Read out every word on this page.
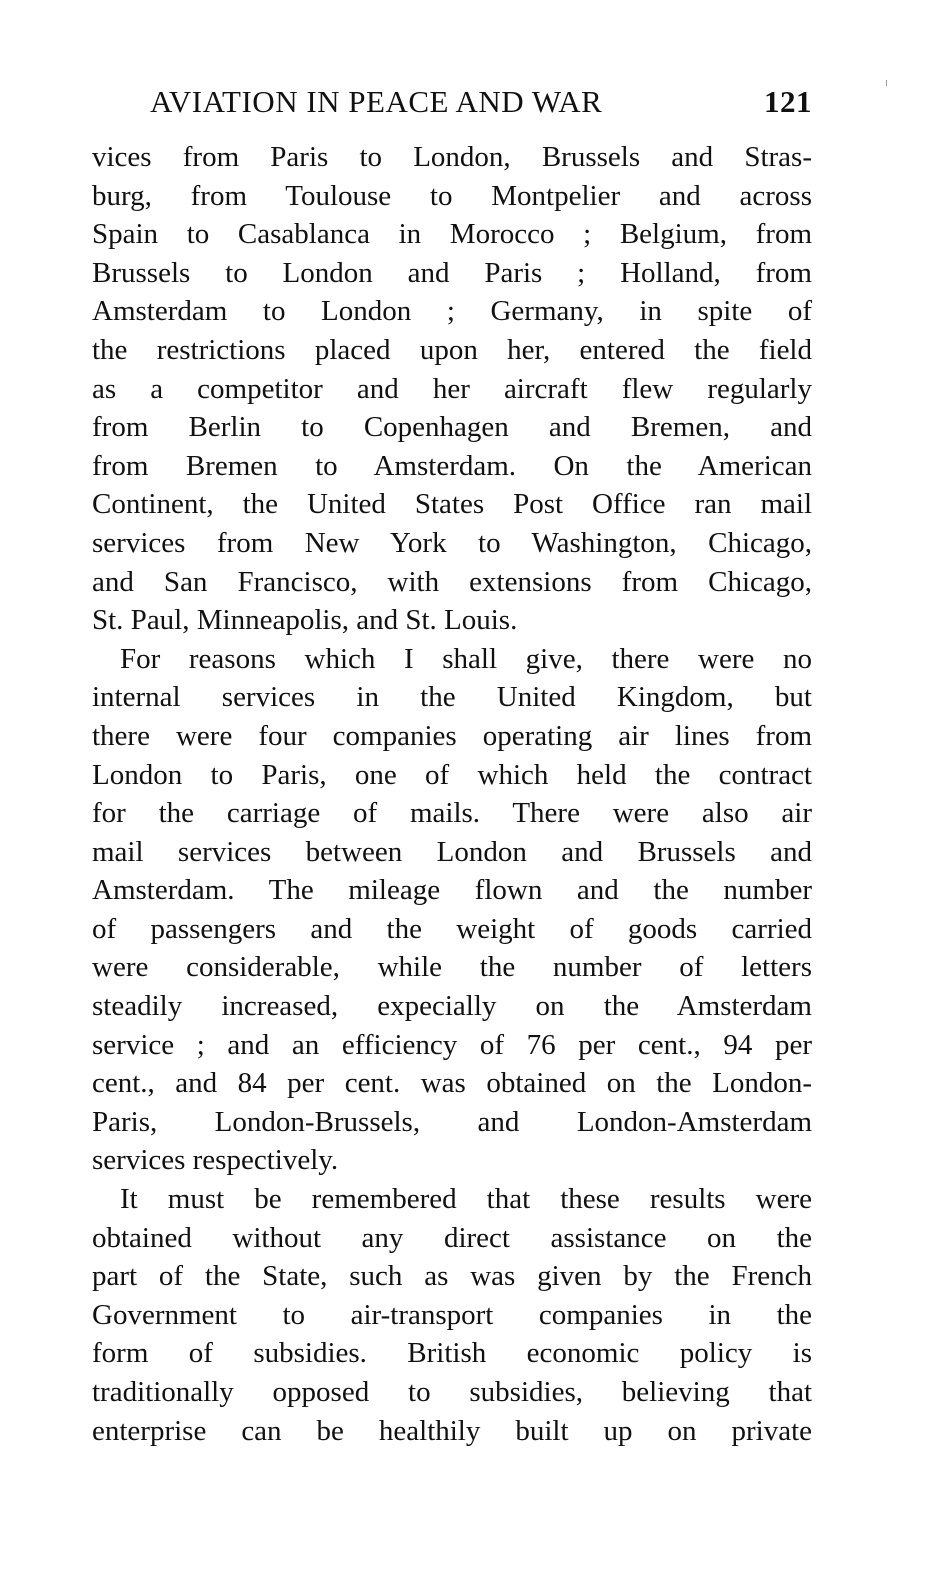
AVIATION IN PEACE AND WAR	121
vices from Paris to London, Brussels and Stras-
burg, from Toulouse to Montpelier and across
Spain to Casablanca in Morocco ; Belgium, from
Brussels to London and Paris ; Holland, from
Amsterdam to London ; Germany, in spite of
the restrictions placed upon her, entered the field
as a competitor and her aircraft flew regularly
from Berlin to Copenhagen and Bremen, and
from Bremen to Amsterdam. On the American
Continent, the United States Post Office ran mail
services from New York to Washington, Chicago,
and San Francisco, with extensions from Chicago,
St. Paul, Minneapolis, and St. Louis.
For reasons which I shall give, there were no
internal services in the United Kingdom, but
there were four companies operating air lines from
London to Paris, one of which held the contract
for the carriage of mails. There were also air
mail services between London and Brussels and
Amsterdam. The mileage flown and the number
of passengers and the weight of goods carried
were considerable, while the number of letters
steadily increased, expecially on the Amsterdam
service ; and an efficiency of 76 per cent., 94 per
cent., and 84 per cent. was obtained on the London-
Paris, London-Brussels, and London-Amsterdam
services respectively.
It must be remembered that these results were
obtained without any direct assistance on the
part of the State, such as was given by the French
Government to air-transport companies in the
form of subsidies. British economic policy is
traditionally opposed to subsidies, believing that
enterprise can be healthily built up on private
